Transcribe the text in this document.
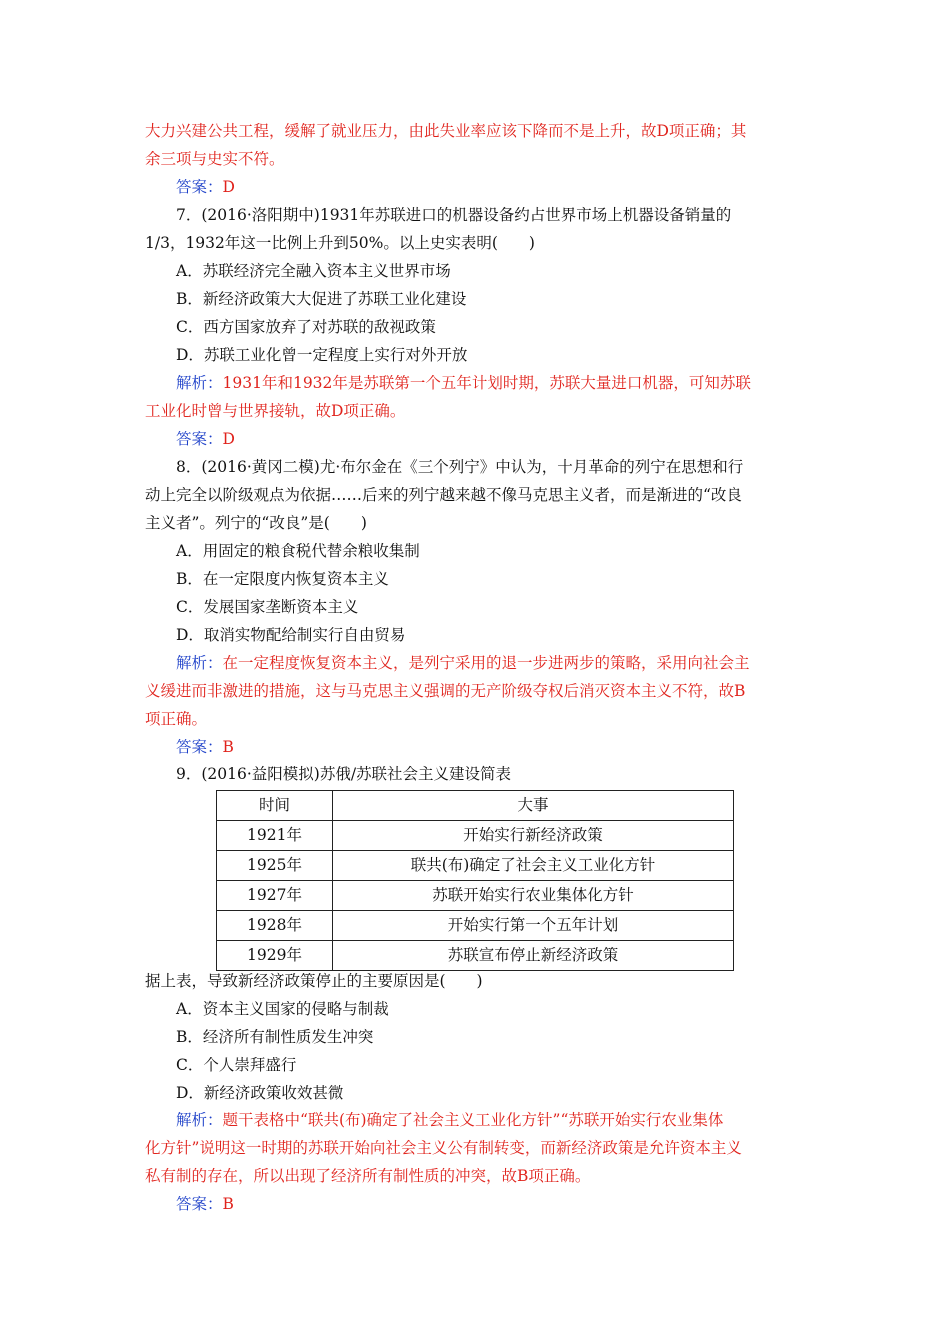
大力兴建公共工程，缓解了就业压力，由此失业率应该下降而不是上升，故D项正确；其
余三项与史实不符。
答案：D
7．(2016·洛阳期中)1931年苏联进口的机器设备约占世界市场上机器设备销量的
1/3，1932年这一比例上升到50%。以上史实表明(　　)
A．苏联经济完全融入资本主义世界市场
B．新经济政策大大促进了苏联工业化建设
C．西方国家放弃了对苏联的敌视政策
D．苏联工业化曾一定程度上实行对外开放
解析：1931年和1932年是苏联第一个五年计划时期，苏联大量进口机器，可知苏联
工业化时曾与世界接轨，故D项正确。
答案：D
8．(2016·黄冈二模)尤·布尔金在《三个列宁》中认为，十月革命的列宁在思想和行
动上完全以阶级观点为依据……后来的列宁越来越不像马克思主义者，而是渐进的“改良
主义者”。列宁的“改良”是(　　)
A．用固定的粮食税代替余粮收集制
B．在一定限度内恢复资本主义
C．发展国家垄断资本主义
D．取消实物配给制实行自由贸易
解析：在一定程度恢复资本主义，是列宁采用的退一步进两步的策略，采用向社会主
义缓进而非激进的措施，这与马克思主义强调的无产阶级夺权后消灭资本主义不符，故B
项正确。
答案：B
9．(2016·益阳模拟)苏俄/苏联社会主义建设简表
时间	大事
1921年	开始实行新经济政策
1925年	联共(布)确定了社会主义工业化方针
1927年	苏联开始实行农业集体化方针
1928年	开始实行第一个五年计划
1929年	苏联宣布停止新经济政策
据上表，导致新经济政策停止的主要原因是(　　)
A．资本主义国家的侵略与制裁
B．经济所有制性质发生冲突
C．个人崇拜盛行
D．新经济政策收效甚微
解析：题干表格中“联共(布)确定了社会主义工业化方针”“苏联开始实行农业集体
化方针”说明这一时期的苏联开始向社会主义公有制转变，而新经济政策是允许资本主义
私有制的存在，所以出现了经济所有制性质的冲突，故B项正确。
答案：B
